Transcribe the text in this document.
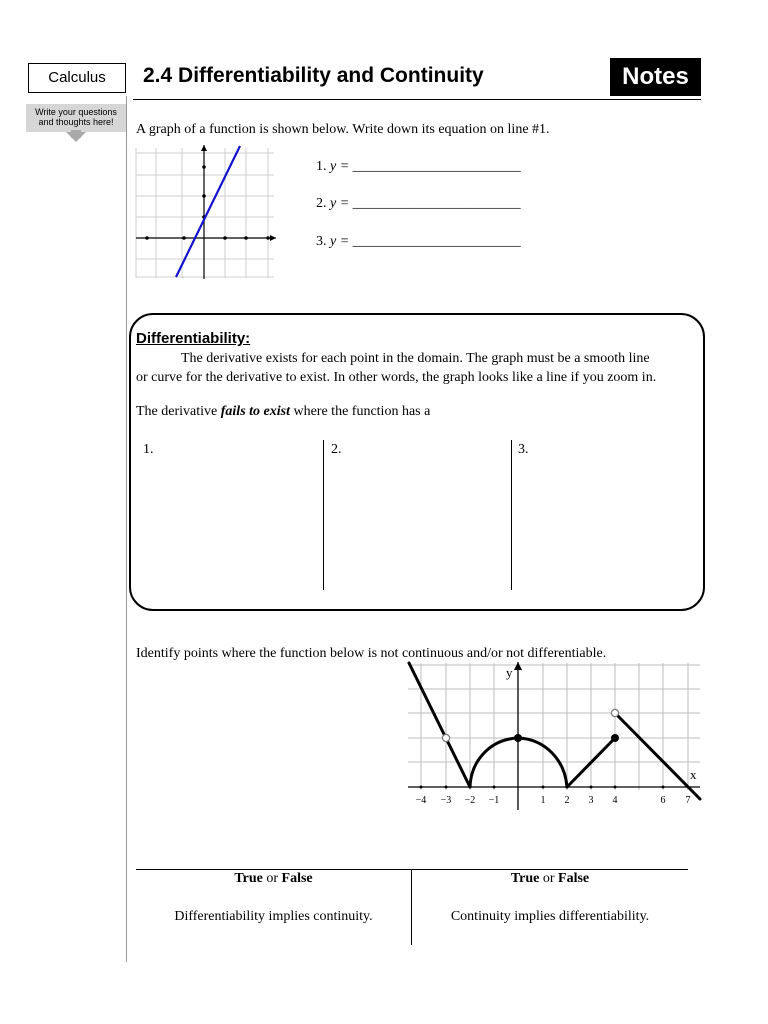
Calculus	2.4 Differentiability and Continuity	Notes
Write your questions
and thoughts here!	A graph of a function is shown below. Write down its equation on line #1.
1. y = ________________________
2. y = ________________________
3. y = ________________________
Differentiability:
The derivative exists for each point in the domain. The graph must be a smooth line
or curve for the derivative to exist. In other words, the graph looks like a line if you zoom in.
The derivative fails to exist where the function has a
1.	2.	3.
Identify points where the function below is not continuous and/or not differentiable.
y
x
−4 −3 −2 −1	1 2 3 4	6 7
True or False	True or False
Differentiability implies continuity.	Continuity implies differentiability.
